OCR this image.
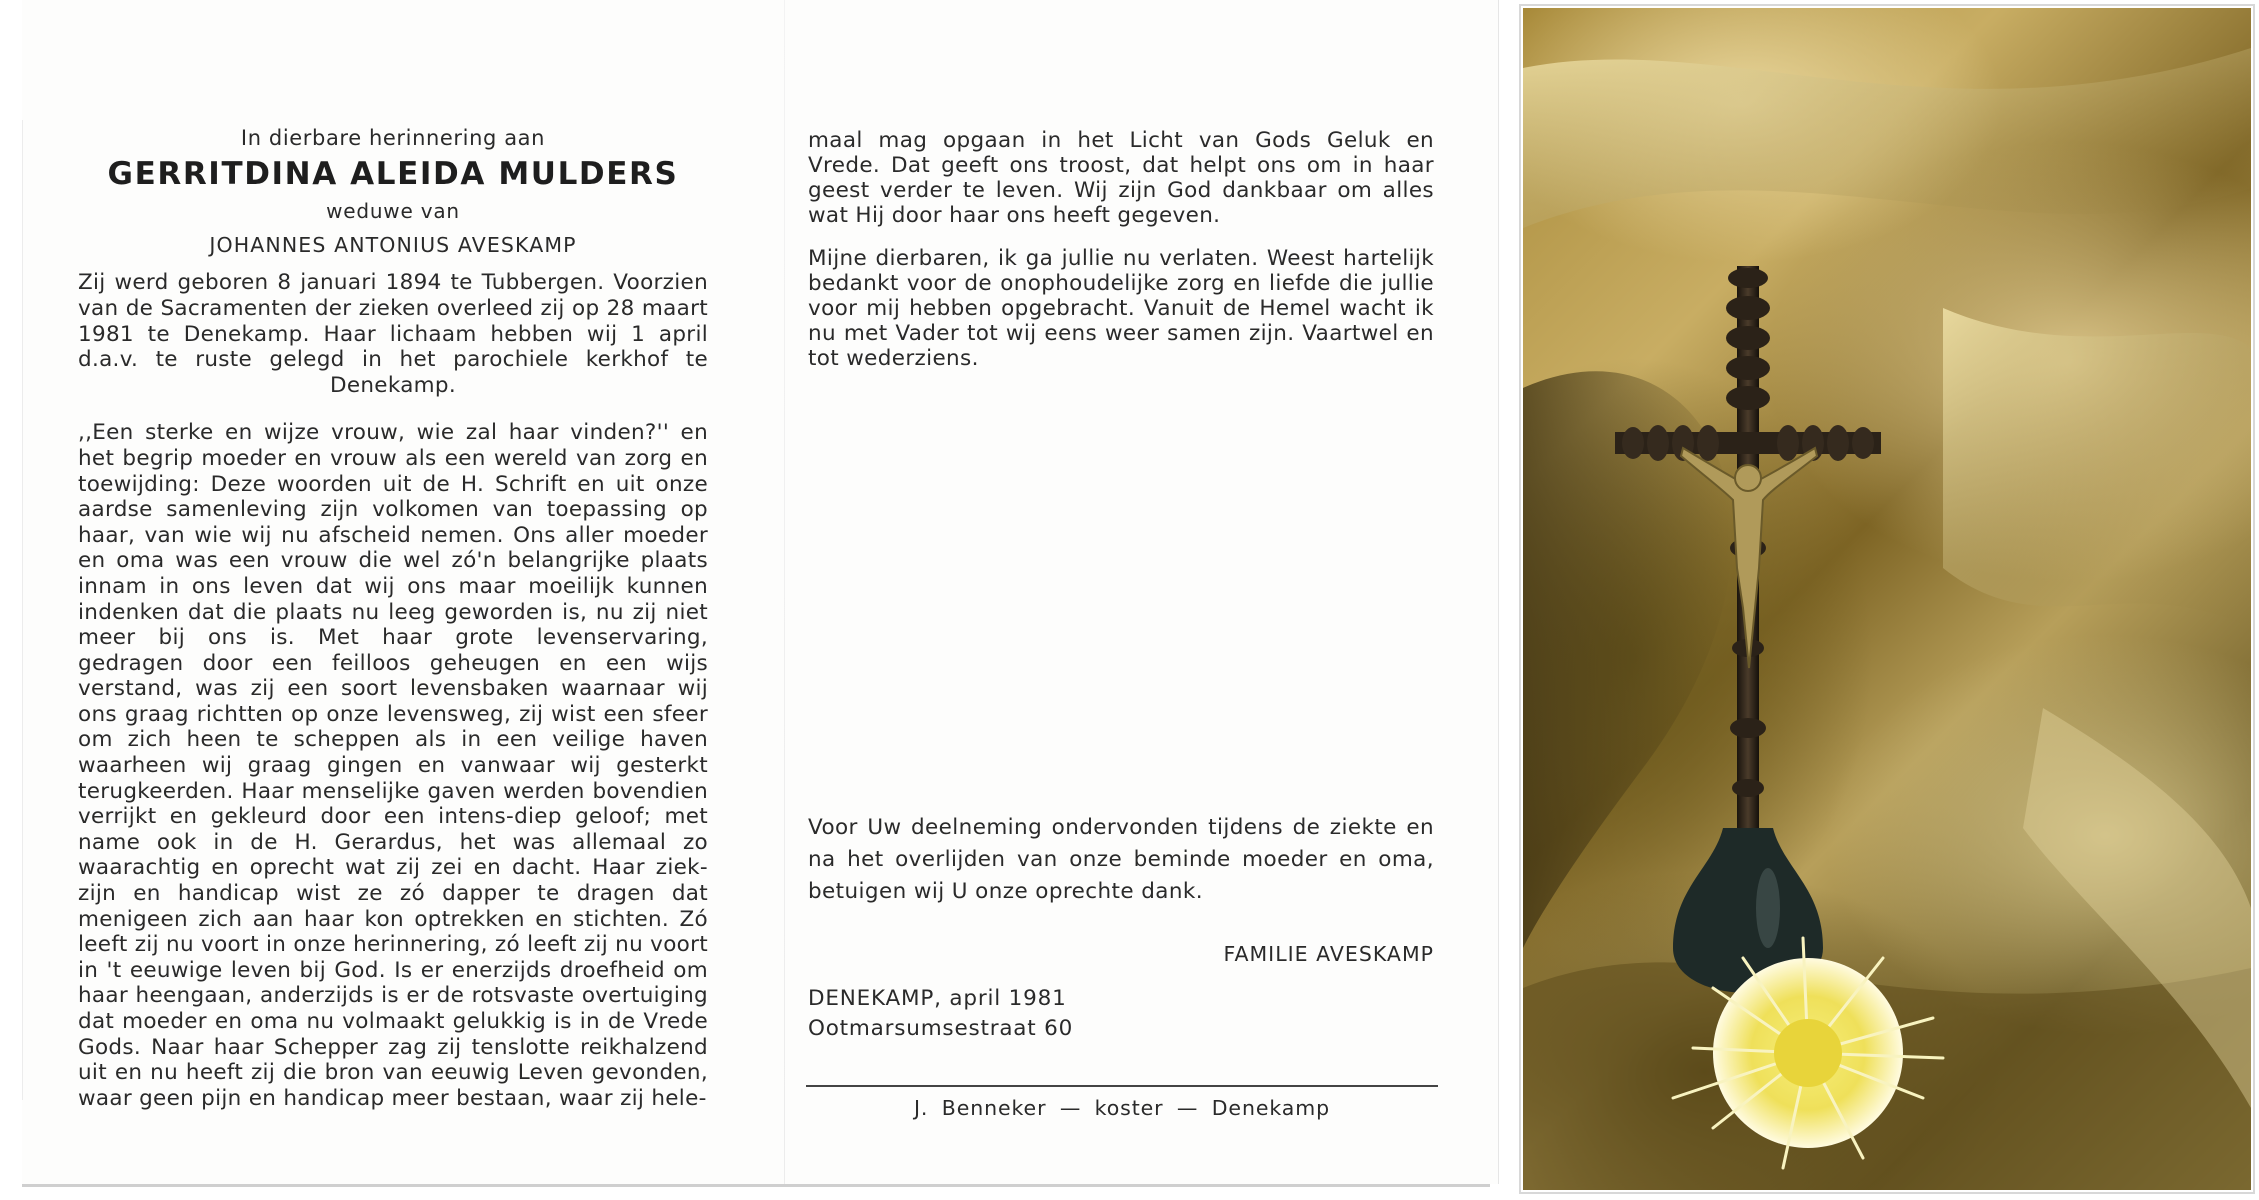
In dierbare herinnering aan
GERRITDINA ALEIDA MULDERS
weduwe van
JOHANNES ANTONIUS AVESKAMP

Zij werd geboren 8 januari 1894 te Tubbergen. Voorzien van de Sacramenten der zieken overleed zij op 28 maart 1981 te Denekamp. Haar lichaam hebben wij 1 april d.a.v. te ruste gelegd in het parochiele kerkhof te Denekamp.

,,Een sterke en wijze vrouw, wie zal haar vinden?'' en het begrip moeder en vrouw als een wereld van zorg en toewijding: Deze woorden uit de H. Schrift en uit onze aardse samenleving zijn volkomen van toepassing op haar, van wie wij nu afscheid nemen. Ons aller moeder en oma was een vrouw die wel zó'n belangrijke plaats innam in ons leven dat wij ons maar moeilijk kunnen indenken dat die plaats nu leeg geworden is, nu zij niet meer bij ons is. Met haar grote levenservaring, gedragen door een feilloos geheugen en een wijs verstand, was zij een soort levensbaken waarnaar wij ons graag richtten op onze levensweg, zij wist een sfeer om zich heen te scheppen als in een veilige haven waarheen wij graag gingen en vanwaar wij gesterkt terugkeerden. Haar menselijke gaven werden bovendien verrijkt en gekleurd door een intens-diep geloof; met name ook in de H. Gerardus, het was allemaal zo waarachtig en oprecht wat zij zei en dacht. Haar ziek-zijn en handicap wist ze zó dapper te dragen dat menigeen zich aan haar kon optrekken en stichten. Zó leeft zij nu voort in onze herinnering, zó leeft zij nu voort in 't eeuwige leven bij God. Is er enerzijds droefheid om haar heengaan, anderzijds is er de rotsvaste overtuiging dat moeder en oma nu volmaakt gelukkig is in de Vrede Gods. Naar haar Schepper zag zij tenslotte reikhalzend uit en nu heeft zij die bron van eeuwig Leven gevonden, waar geen pijn en handicap meer bestaan, waar zij hele-

maal mag opgaan in het Licht van Gods Geluk en Vrede. Dat geeft ons troost, dat helpt ons om in haar geest verder te leven. Wij zijn God dankbaar om alles wat Hij door haar ons heeft gegeven.

Mijne dierbaren, ik ga jullie nu verlaten. Weest hartelijk bedankt voor de onophoudelijke zorg en liefde die jullie voor mij hebben opgebracht. Vanuit de Hemel wacht ik nu met Vader tot wij eens weer samen zijn. Vaartwel en tot wederziens.

Voor Uw deelneming ondervonden tijdens de ziekte en na het overlijden van onze beminde moeder en oma, betuigen wij U onze oprechte dank.

FAMILIE AVESKAMP
DENEKAMP, april 1981
Ootmarsumsestraat 60
J. Benneker — koster — Denekamp
